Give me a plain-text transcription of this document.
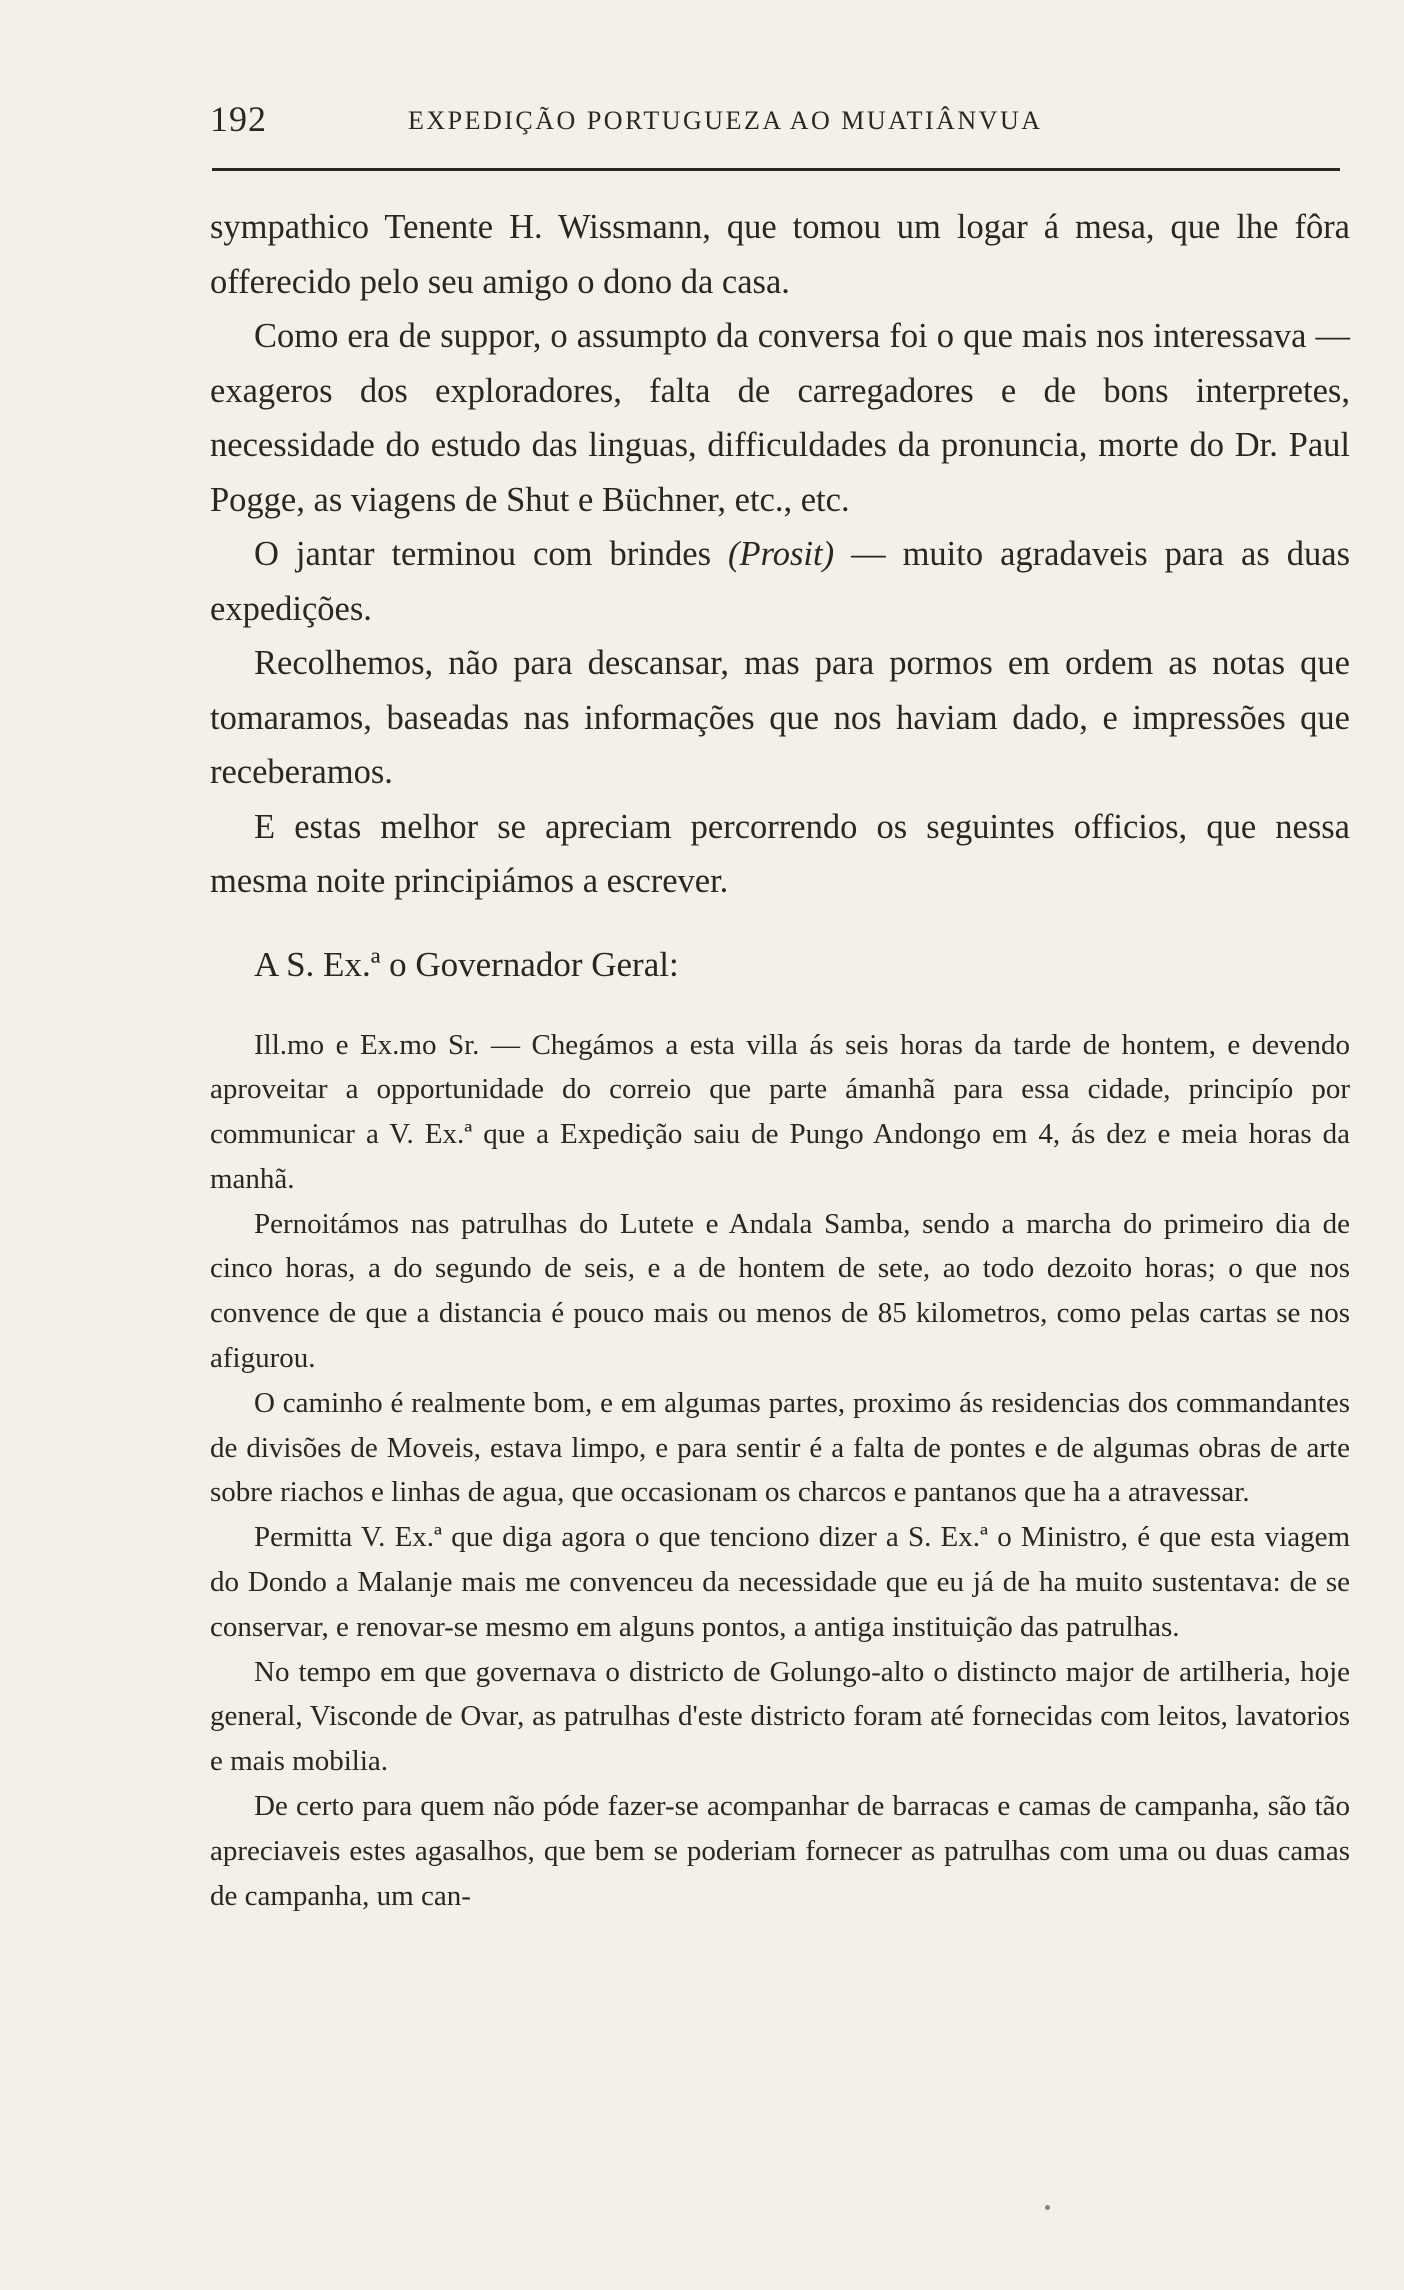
192	EXPEDIÇÃO PORTUGUEZA AO MUATIÂNVUA

sympathico Tenente H. Wissmann, que tomou um logar á mesa, que lhe fôra offerecido pelo seu amigo o dono da casa.

Como era de suppor, o assumpto da conversa foi o que mais nos interessava — exageros dos exploradores, falta de carregadores e de bons interpretes, necessidade do estudo das linguas, difficuldades da pronuncia, morte do Dr. Paul Pogge, as viagens de Shut e Büchner, etc., etc.

O jantar terminou com brindes (Prosit) — muito agradaveis para as duas expedições.

Recolhemos, não para descansar, mas para pormos em ordem as notas que tomaramos, baseadas nas informações que nos haviam dado, e impressões que receberamos.

E estas melhor se apreciam percorrendo os seguintes officios, que nessa mesma noite principiámos a escrever.

A S. Ex.ª o Governador Geral:

Ill.mo e Ex.mo Sr. — Chegámos a esta villa ás seis horas da tarde de hontem, e devendo aproveitar a opportunidade do correio que parte ámanhã para essa cidade, principío por communicar a V. Ex.ª que a Expedição saiu de Pungo Andongo em 4, ás dez e meia horas da manhã.

Pernoitámos nas patrulhas do Lutete e Andala Samba, sendo a marcha do primeiro dia de cinco horas, a do segundo de seis, e a de hontem de sete, ao todo dezoito horas; o que nos convence de que a distancia é pouco mais ou menos de 85 kilometros, como pelas cartas se nos afigurou.

O caminho é realmente bom, e em algumas partes, proximo ás residencias dos commandantes de divisões de Moveis, estava limpo, e para sentir é a falta de pontes e de algumas obras de arte sobre riachos e linhas de agua, que occasionam os charcos e pantanos que ha a atravessar.

Permitta V. Ex.ª que diga agora o que tenciono dizer a S. Ex.ª o Ministro, é que esta viagem do Dondo a Malanje mais me convenceu da necessidade que eu já de ha muito sustentava: de se conservar, e renovar-se mesmo em alguns pontos, a antiga instituição das patrulhas.

No tempo em que governava o districto de Golungo-alto o distincto major de artilheria, hoje general, Visconde de Ovar, as patrulhas d'este districto foram até fornecidas com leitos, lavatorios e mais mobilia.

De certo para quem não póde fazer-se acompanhar de barracas e camas de campanha, são tão apreciaveis estes agasalhos, que bem se poderiam fornecer as patrulhas com uma ou duas camas de campanha, um can-
